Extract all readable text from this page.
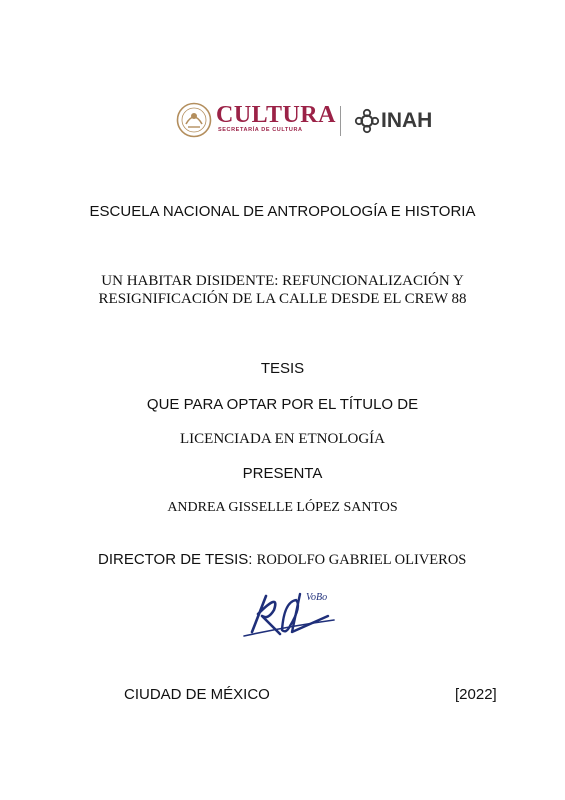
CULTURA
SECRETARÍA DE CULTURA	INAH
ESCUELA NACIONAL DE ANTROPOLOGÍA E HISTORIA
UN HABITAR DISIDENTE: REFUNCIONALIZACIÓN Y
RESIGNIFICACIÓN DE LA CALLE DESDE EL CREW 88
TESIS
QUE PARA OPTAR POR EL TÍTULO DE
LICENCIADA EN ETNOLOGÍA
PRESENTA
ANDREA GISSELLE LÓPEZ SANTOS
DIRECTOR DE TESIS: RODOLFO GABRIEL OLIVEROS
VoBo
CIUDAD DE MÉXICO	[2022]
